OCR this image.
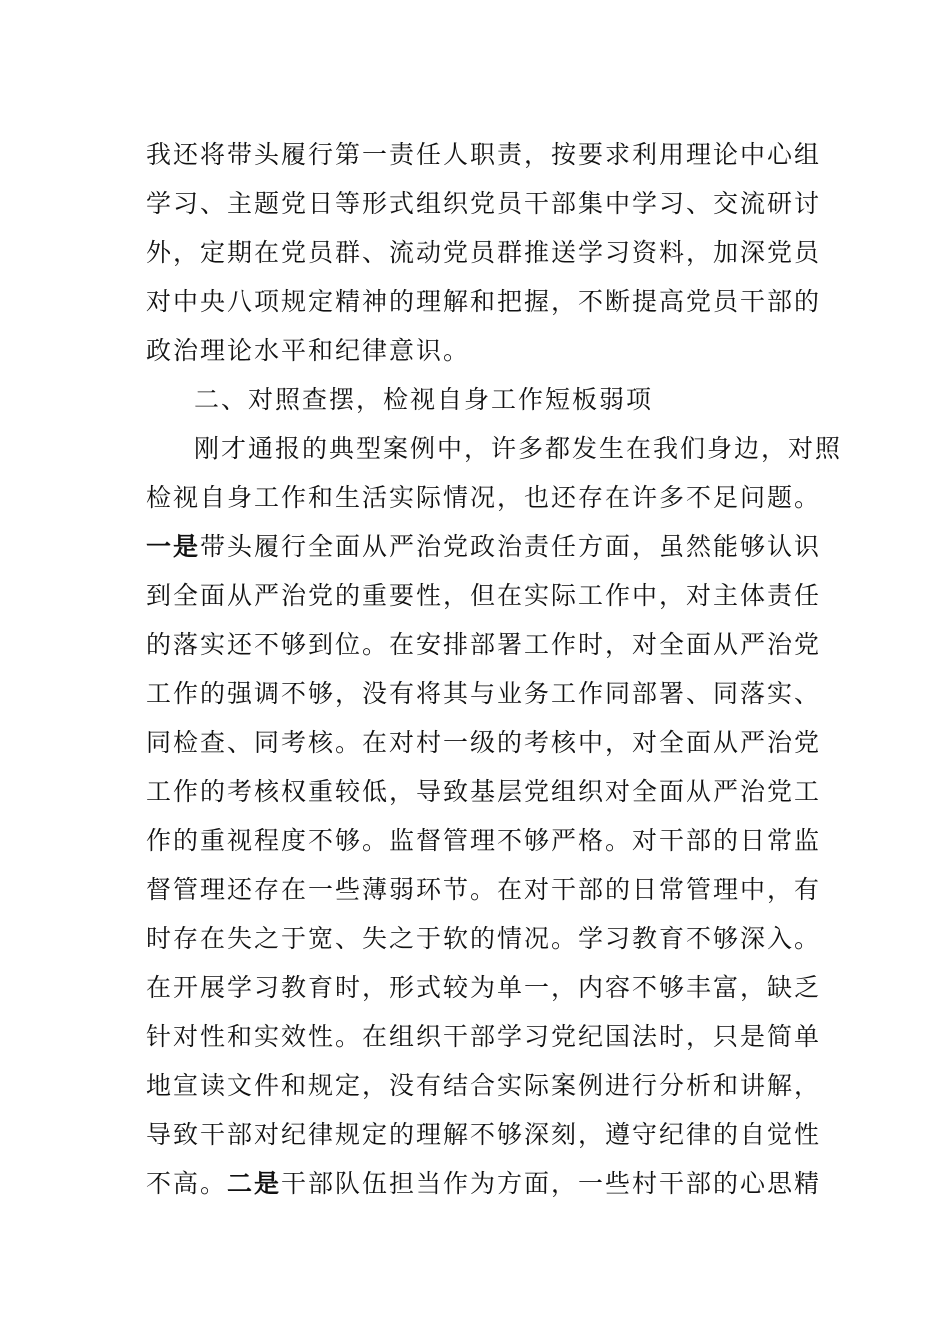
我还将带头履行第一责任人职责，按要求利用理论中心组
学习、主题党日等形式组织党员干部集中学习、交流研讨
外，定期在党员群、流动党员群推送学习资料，加深党员
对中央八项规定精神的理解和把握，不断提高党员干部的
政治理论水平和纪律意识。
二、对照查摆，检视自身工作短板弱项
刚才通报的典型案例中，许多都发生在我们身边，对照
检视自身工作和生活实际情况，也还存在许多不足问题。
一是带头履行全面从严治党政治责任方面，虽然能够认识
到全面从严治党的重要性，但在实际工作中，对主体责任
的落实还不够到位。在安排部署工作时，对全面从严治党
工作的强调不够，没有将其与业务工作同部署、同落实、
同检查、同考核。在对村一级的考核中，对全面从严治党
工作的考核权重较低，导致基层党组织对全面从严治党工
作的重视程度不够。监督管理不够严格。对干部的日常监
督管理还存在一些薄弱环节。在对干部的日常管理中，有
时存在失之于宽、失之于软的情况。学习教育不够深入。
在开展学习教育时，形式较为单一，内容不够丰富，缺乏
针对性和实效性。在组织干部学习党纪国法时，只是简单
地宣读文件和规定，没有结合实际案例进行分析和讲解，
导致干部对纪律规定的理解不够深刻，遵守纪律的自觉性
不高。二是干部队伍担当作为方面，一些村干部的心思精
